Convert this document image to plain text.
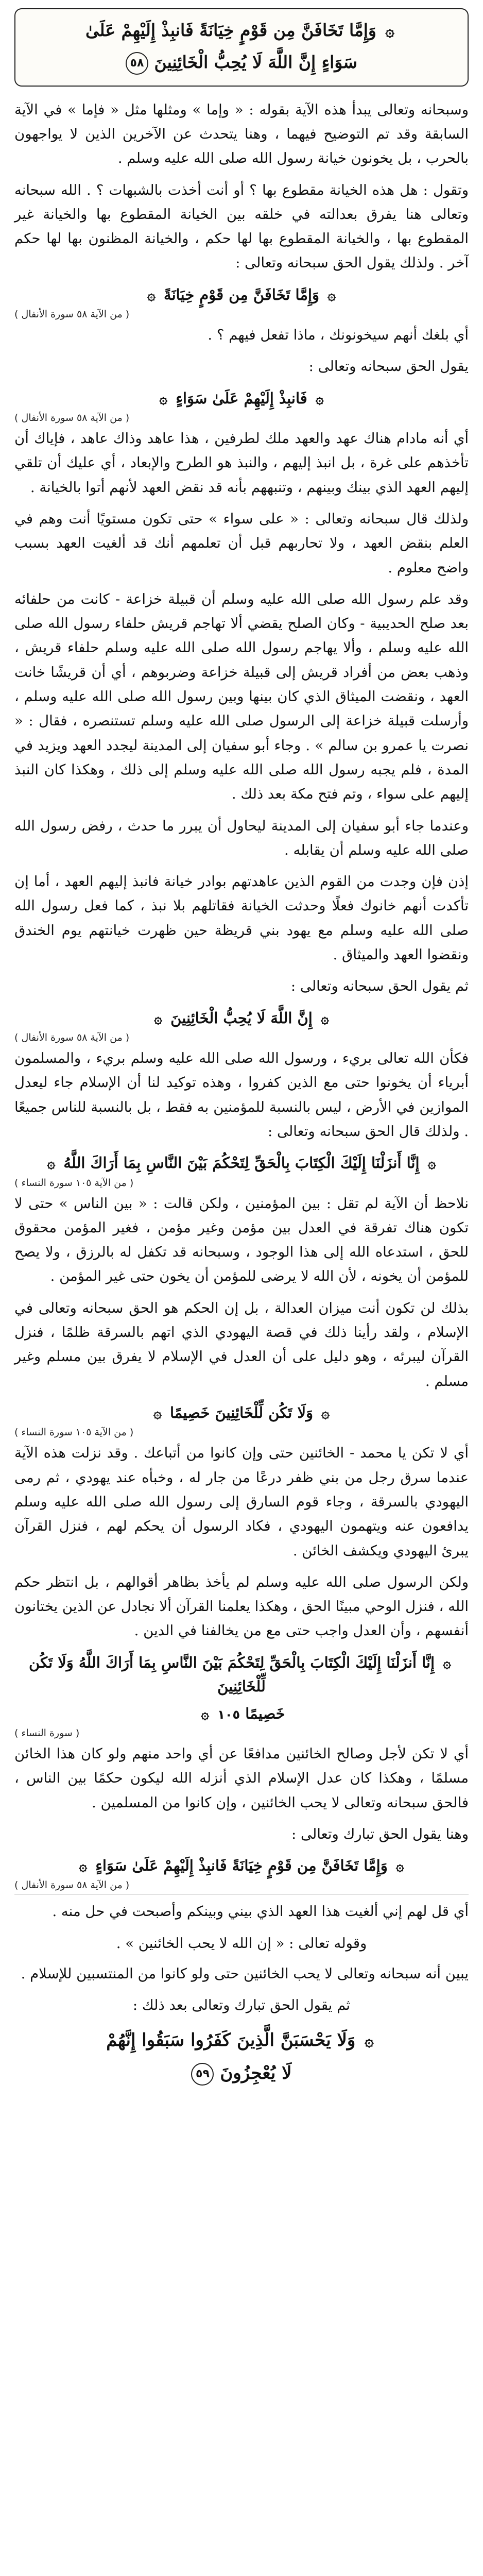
۞ وَإِمَّا تَخَافَنَّ مِن قَوْمٍ خِيَانَةً فَانبِذْ إِلَيْهِمْ عَلَىٰ
سَوَاءٍ إِنَّ اللَّهَ لَا يُحِبُّ الْخَائِنِينَ ٥٨

وسبحانه وتعالى يبدأ هذه الآية بقوله : « وإما » ومثلها مثل « فإما » في الآية السابقة وقد تم التوضيح فيهما ، وهنا يتحدث عن الآخرين الذين لا يواجهون بالحرب ، بل يخونون خيانة رسول الله صلى الله عليه وسلم .

وتقول : هل هذه الخيانة مقطوع بها ؟ أو أنت أخذت بالشبهات ؟ . الله سبحانه وتعالى هنا يفرق بعدالته في خلقه بين الخيانة المقطوع بها والخيانة غير المقطوع بها ، والخيانة المقطوع بها لها حكم ، والخيانة المظنون بها لها حكم آخر . ولذلك يقول الحق سبحانه وتعالى :

۞ وَإِمَّا تَخَافَنَّ مِن قَوْمٍ خِيَانَةً ۞
( من الآية ٥٨ سورة الأنفال )

أي بلغك أنهم سيخونونك ، ماذا تفعل فيهم ؟ .

يقول الحق سبحانه وتعالى :

۞ فَانبِذْ إِلَيْهِمْ عَلَىٰ سَوَاءٍ ۞
( من الآية ٥٨ سورة الأنفال )

أي أنه مادام هناك عهد والعهد ملك لطرفين ، هذا عاهد وذاك عاهد ، فإياك أن تأخذهم على غرة ، بل انبذ إليهم ، والنبذ هو الطرح والإبعاد ، أي عليك أن تلقي إليهم العهد الذي بينك وبينهم ، وتنبههم بأنه قد نقض العهد لأنهم أتوا بالخيانة .

ولذلك قال سبحانه وتعالى : « على سواء » حتى تكون مستويًا أنت وهم في العلم بنقض العهد ، ولا تحاربهم قبل أن تعلمهم أنك قد ألغيت العهد بسبب واضح معلوم .

وقد علم رسول الله صلى الله عليه وسلم أن قبيلة خزاعة - كانت من حلفائه بعد صلح الحديبية - وكان الصلح يقضي ألا تهاجم قريش حلفاء رسول الله صلى الله عليه وسلم ، وألا يهاجم رسول الله صلى الله عليه وسلم حلفاء قريش ، وذهب بعض من أفراد قريش إلى قبيلة خزاعة وضربوهم ، أي أن قريشًا خانت العهد ، ونقضت الميثاق الذي كان بينها وبين رسول الله صلى الله عليه وسلم ، وأرسلت قبيلة خزاعة إلى الرسول صلى الله عليه وسلم تستنصره ، فقال : « نصرت يا عمرو بن سالم » . وجاء أبو سفيان إلى المدينة ليجدد العهد ويزيد في المدة ، فلم يجبه رسول الله صلى الله عليه وسلم إلى ذلك ، وهكذا كان النبذ إليهم على سواء ، وتم فتح مكة بعد ذلك .

وعندما جاء أبو سفيان إلى المدينة ليحاول أن يبرر ما حدث ، رفض رسول الله صلى الله عليه وسلم أن يقابله .

إذن فإن وجدت من القوم الذين عاهدتهم بوادر خيانة فانبذ إليهم العهد ، أما إن تأكدت أنهم خانوك فعلًا وحدثت الخيانة فقاتلهم بلا نبذ ، كما فعل رسول الله صلى الله عليه وسلم مع يهود بني قريظة حين ظهرت خيانتهم يوم الخندق ونقضوا العهد والميثاق .

ثم يقول الحق سبحانه وتعالى :

۞ إِنَّ اللَّهَ لَا يُحِبُّ الْخَائِنِينَ ۞
( من الآية ٥٨ سورة الأنفال )

فكأن الله تعالى بريء ، ورسول الله صلى الله عليه وسلم بريء ، والمسلمون أبرياء أن يخونوا حتى مع الذين كفروا ، وهذه توكيد لنا أن الإسلام جاء ليعدل الموازين في الأرض ، ليس بالنسبة للمؤمنين به فقط ، بل بالنسبة للناس جميعًا . ولذلك قال الحق سبحانه وتعالى :

۞ إِنَّا أَنزَلْنَا إِلَيْكَ الْكِتَابَ بِالْحَقِّ لِتَحْكُمَ بَيْنَ النَّاسِ بِمَا أَرَاكَ اللَّهُ ۞
( من الآية ١٠٥ سورة النساء )

نلاحظ أن الآية لم تقل : بين المؤمنين ، ولكن قالت : « بين الناس » حتى لا تكون هناك تفرقة في العدل بين مؤمن وغير مؤمن ، فغير المؤمن محقوق للحق ، استدعاه الله إلى هذا الوجود ، وسبحانه قد تكفل له بالرزق ، ولا يصح للمؤمن أن يخونه ، لأن الله لا يرضى للمؤمن أن يخون حتى غير المؤمن .

بذلك لن تكون أنت ميزان العدالة ، بل إن الحكم هو الحق سبحانه وتعالى في الإسلام ، ولقد رأينا ذلك في قصة اليهودي الذي اتهم بالسرقة ظلمًا ، فنزل القرآن ليبرئه ، وهو دليل على أن العدل في الإسلام لا يفرق بين مسلم وغير مسلم .

۞ وَلَا تَكُن لِّلْخَائِنِينَ خَصِيمًا ۞
( من الآية ١٠٥ سورة النساء )

أي لا تكن يا محمد - الخائنين حتى وإن كانوا من أتباعك . وقد نزلت هذه الآية عندما سرق رجل من بني ظفر درعًا من جار له ، وخبأه عند يهودي ، ثم رمى اليهودي بالسرقة ، وجاء قوم السارق إلى رسول الله صلى الله عليه وسلم يدافعون عنه ويتهمون اليهودي ، فكاد الرسول أن يحكم لهم ، فنزل القرآن يبرئ اليهودي ويكشف الخائن .

ولكن الرسول صلى الله عليه وسلم لم يأخذ بظاهر أقوالهم ، بل انتظر حكم الله ، فنزل الوحي مبينًا الحق ، وهكذا يعلمنا القرآن ألا نجادل عن الذين يختانون أنفسهم ، وأن العدل واجب حتى مع من يخالفنا في الدين .

۞ إِنَّا أَنزَلْنَا إِلَيْكَ الْكِتَابَ بِالْحَقِّ لِتَحْكُمَ بَيْنَ النَّاسِ بِمَا أَرَاكَ اللَّهُ وَلَا تَكُن لِّلْخَائِنِينَ
خَصِيمًا ١٠٥ ۞
( سورة النساء )

أي لا تكن لأجل وصالح الخائنين مدافعًا عن أي واحد منهم ولو كان هذا الخائن مسلمًا ، وهكذا كان عدل الإسلام الذي أنزله الله ليكون حكمًا بين الناس ، فالحق سبحانه وتعالى لا يحب الخائنين ، وإن كانوا من المسلمين .

وهنا يقول الحق تبارك وتعالى :

۞ وَإِمَّا تَخَافَنَّ مِن قَوْمٍ خِيَانَةً فَانبِذْ إِلَيْهِمْ عَلَىٰ سَوَاءٍ ۞
( من الآية ٥٨ سورة الأنفال )

أي قل لهم إني ألغيت هذا العهد الذي بيني وبينكم وأصبحت في حل منه .

وقوله تعالى : « إن الله لا يحب الخائنين » .

يبين أنه سبحانه وتعالى لا يحب الخائنين حتى ولو كانوا من المنتسبين للإسلام .

ثم يقول الحق تبارك وتعالى بعد ذلك :

۞ وَلَا يَحْسَبَنَّ الَّذِينَ كَفَرُوا سَبَقُوا إِنَّهُمْ
لَا يُعْجِزُونَ ٥٩
